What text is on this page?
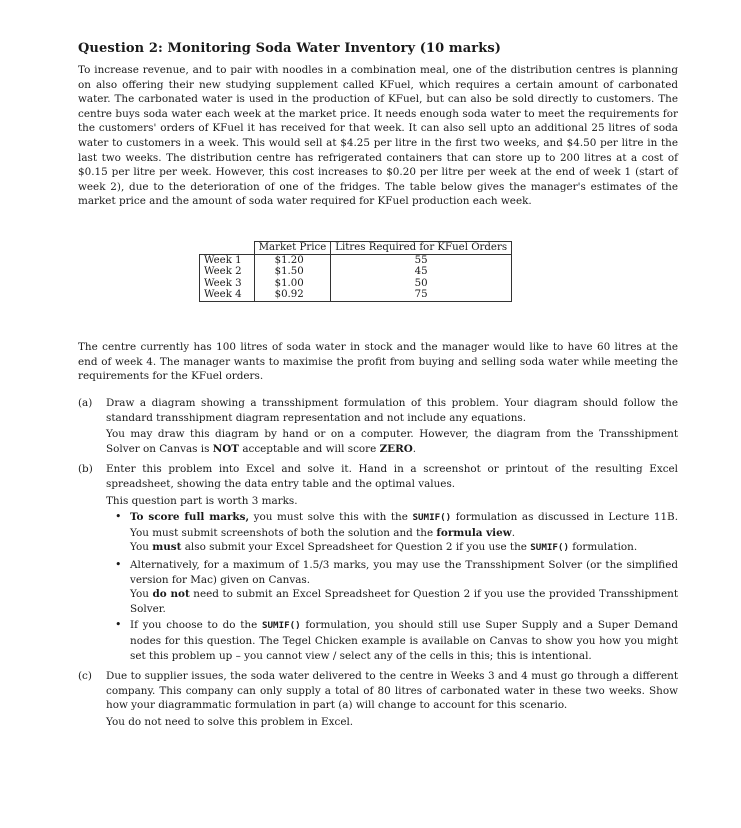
Question 2: Monitoring Soda Water Inventory (10 marks)

To increase revenue, and to pair with noodles in a combination meal, one of the distribution centres is planning on also offering their new studying supplement called KFuel, which requires a certain amount of carbonated water. The carbonated water is used in the production of KFuel, but can also be sold directly to customers. The centre buys soda water each week at the market price. It needs enough soda water to meet the requirements for the customers' orders of KFuel it has received for that week. It can also sell upto an additional 25 litres of soda water to customers in a week. This would sell at $4.25 per litre in the first two weeks, and $4.50 per litre in the last two weeks. The distribution centre has refrigerated containers that can store up to 200 litres at a cost of $0.15 per litre per week. However, this cost increases to $0.20 per litre per week at the end of week 1 (start of week 2), due to the deterioration of one of the fridges. The table below gives the manager's estimates of the market price and the amount of soda water required for KFuel production each week.

	Market Price	Litres Required for KFuel Orders
Week 1	$1.20	55
Week 2	$1.50	45
Week 3	$1.00	50
Week 4	$0.92	75

The centre currently has 100 litres of soda water in stock and the manager would like to have 60 litres at the end of week 4. The manager wants to maximise the profit from buying and selling soda water while meeting the requirements for the KFuel orders.

(a) Draw a diagram showing a transshipment formulation of this problem. Your diagram should follow the standard transshipment diagram representation and not include any equations.

You may draw this diagram by hand or on a computer. However, the diagram from the Transshipment Solver on Canvas is NOT acceptable and will score ZERO.

(b) Enter this problem into Excel and solve it. Hand in a screenshot or printout of the resulting Excel spreadsheet, showing the data entry table and the optimal values.

This question part is worth 3 marks.

• To score full marks, you must solve this with the SUMIF() formulation as discussed in Lecture 11B. You must submit screenshots of both the solution and the formula view.
You must also submit your Excel Spreadsheet for Question 2 if you use the SUMIF() formulation.
• Alternatively, for a maximum of 1.5/3 marks, you may use the Transshipment Solver (or the simplified version for Mac) given on Canvas.
You do not need to submit an Excel Spreadsheet for Question 2 if you use the provided Transshipment Solver.
• If you choose to do the SUMIF() formulation, you should still use Super Supply and a Super Demand nodes for this question. The Tegel Chicken example is available on Canvas to show you how you might set this problem up – you cannot view / select any of the cells in this; this is intentional.
(c) Due to supplier issues, the soda water delivered to the centre in Weeks 3 and 4 must go through a different company. This company can only supply a total of 80 litres of carbonated water in these two weeks. Show how your diagrammatic formulation in part (a) will change to account for this scenario.

You do not need to solve this problem in Excel.
